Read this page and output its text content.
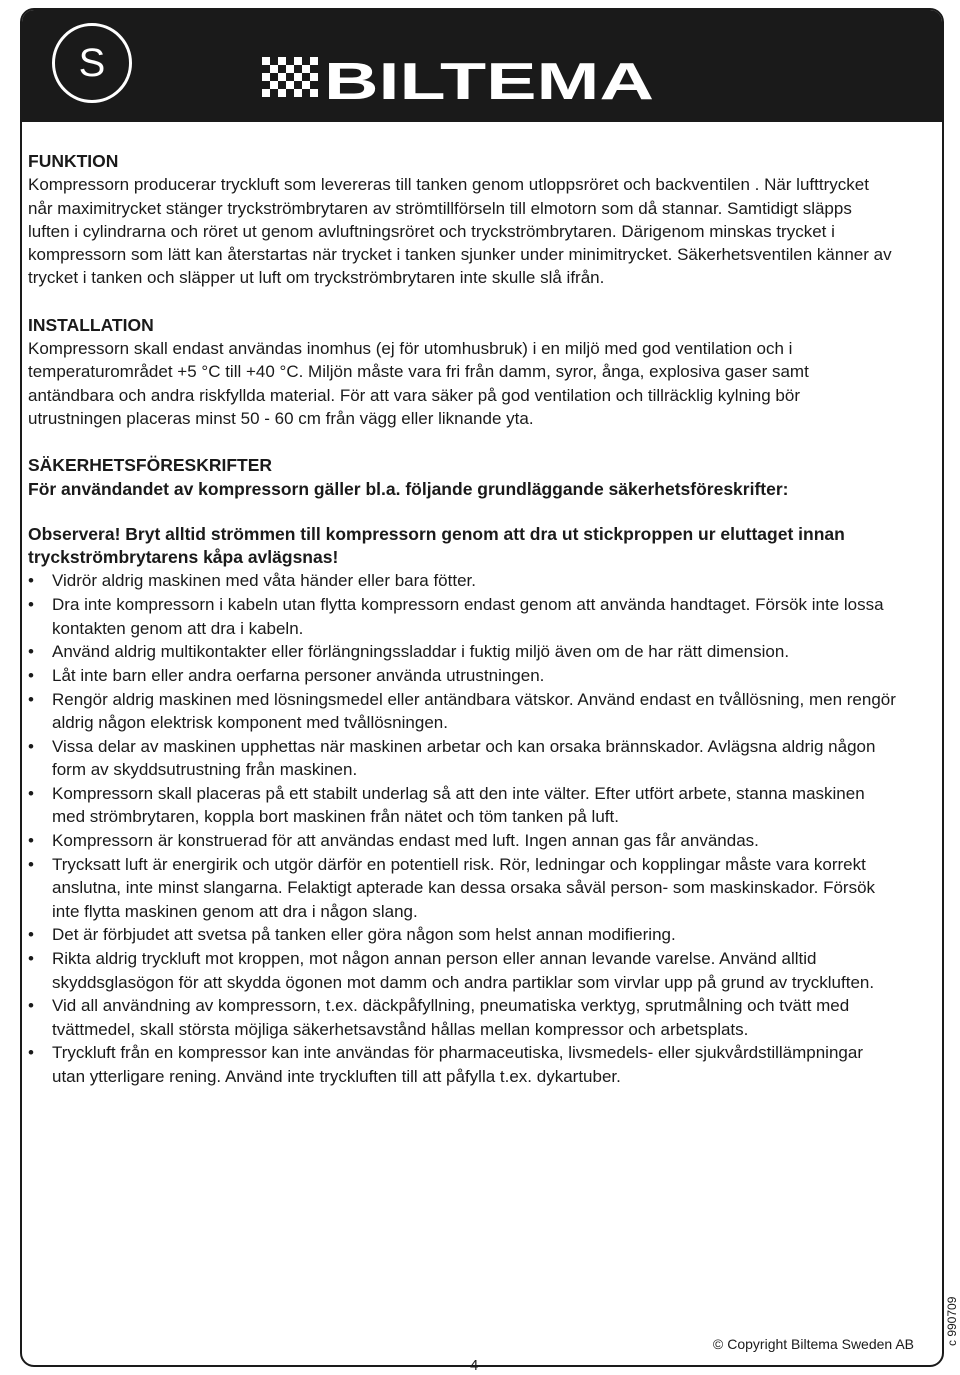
S	BILTEMA
FUNKTION

Kompressorn producerar tryckluft som levereras till tanken genom utloppsröret och backventilen . När lufttrycket når maximitrycket stänger tryckströmbrytaren av strömtillförseln till elmotorn som då stannar. Samtidigt släpps luften i cylindrarna och röret ut genom avluftningsröret och tryckströmbrytaren. Därigenom minskas trycket i kompressorn som lätt kan återstartas när trycket i tanken sjunker under minimitrycket. Säkerhetsventilen känner av trycket i tanken och släpper ut luft om tryckströmbrytaren inte skulle slå ifrån.

INSTALLATION

Kompressorn skall endast användas inomhus (ej för utomhusbruk) i en miljö med god ventilation och i temperaturområdet +5 °C till +40 °C. Miljön måste vara fri från damm, syror, ånga, explosiva gaser samt antändbara och andra riskfyllda material. För att vara säker på god ventilation och tillräcklig kylning bör utrustningen placeras minst 50 - 60 cm från vägg eller liknande yta.

SÄKERHETSFÖRESKRIFTER
För användandet av kompressorn gäller bl.a. följande grundläggande säkerhetsföreskrifter:
Observera! Bryt alltid strömmen till kompressorn genom att dra ut stickproppen ur eluttaget innan tryckströmbrytarens kåpa avlägsnas!
• Vidrör aldrig maskinen med våta händer eller bara fötter.
• Dra inte kompressorn i kabeln utan flytta kompressorn endast genom att använda handtaget. Försök inte lossa kontakten genom att dra i kabeln.
• Använd aldrig multikontakter eller förlängningssladdar i fuktig miljö även om de har rätt dimension.
• Låt inte barn eller andra oerfarna personer använda utrustningen.
• Rengör aldrig maskinen med lösningsmedel eller antändbara vätskor. Använd endast en tvållösning, men rengör aldrig någon elektrisk komponent med tvållösningen.
• Vissa delar av maskinen upphettas när maskinen arbetar och kan orsaka brännskador. Avlägsna aldrig någon form av skyddsutrustning från maskinen.
• Kompressorn skall placeras på ett stabilt underlag så att den inte välter. Efter utfört arbete, stanna maskinen med strömbrytaren, koppla bort maskinen från nätet och töm tanken på luft.
• Kompressorn är konstruerad för att användas endast med luft. Ingen annan gas får användas.
• Trycksatt luft är energirik och utgör därför en potentiell risk. Rör, ledningar och kopplingar måste vara korrekt anslutna, inte minst slangarna. Felaktigt apterade kan dessa orsaka såväl person- som maskinskador. Försök inte flytta maskinen genom att dra i någon slang.
• Det är förbjudet att svetsa på tanken eller göra någon som helst annan modifiering.
• Rikta aldrig tryckluft mot kroppen, mot någon annan person eller annan levande varelse. Använd alltid skyddsglasögon för att skydda ögonen mot damm och andra partiklar som virvlar upp på grund av tryckluften.
• Vid all användning av kompressorn, t.ex. däckpåfyllning, pneumatiska verktyg, sprutmålning och tvätt med tvättmedel, skall största möjliga säkerhetsavstånd hållas mellan kompressor och arbetsplats.
• Tryckluft från en kompressor kan inte användas för pharmaceutiska, livsmedels- eller sjukvårdstillämpningar utan ytterligare rening. Använd inte tryckluften till att påfylla t.ex. dykartuber.
4
© Copyright Biltema Sweden AB	c 990709
